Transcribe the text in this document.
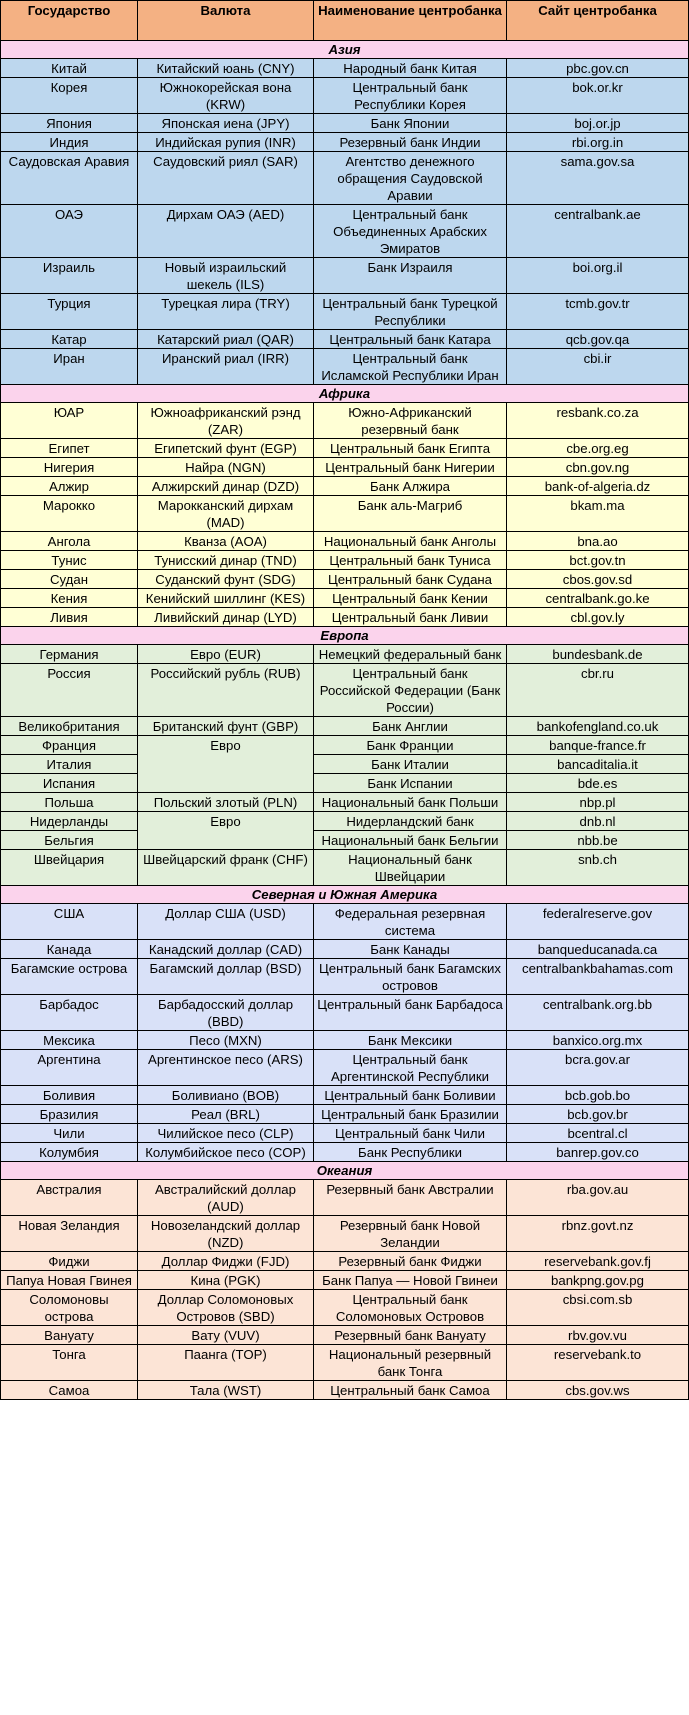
Государство	Валюта	Наименование центробанка	Сайт центробанка
Азия			
Китай	Китайский юань (CNY)	Народный банк Китая	pbc.gov.cn
Корея	Южнокорейская вона (KRW)	Центральный банк Республики Корея	bok.or.kr
Япония	Японская иена (JPY)	Банк Японии	boj.or.jp
Индия	Индийская рупия (INR)	Резервный банк Индии	rbi.org.in
Саудовская Аравия	Саудовский риял (SAR)	Агентство денежного обращения Саудовской Аравии	sama.gov.sa
ОАЭ	Дирхам ОАЭ (AED)	Центральный банк Объединенных Арабских Эмиратов	centralbank.ae
Израиль	Новый израильский шекель (ILS)	Банк Израиля	boi.org.il
Турция	Турецкая лира (TRY)	Центральный банк Турецкой Республики	tcmb.gov.tr
Катар	Катарский риал (QAR)	Центральный банк Катара	qcb.gov.qa
Иран	Иранский риал (IRR)	Центральный банк Исламской Республики Иран	cbi.ir
Африка			
ЮАР	Южноафриканский рэнд (ZAR)	Южно-Африканский резервный банк	resbank.co.za
Египет	Египетский фунт (EGP)	Центральный банк Египта	cbe.org.eg
Нигерия	Найра (NGN)	Центральный банк Нигерии	cbn.gov.ng
Алжир	Алжирский динар (DZD)	Банк Алжира	bank-of-algeria.dz
Марокко	Марокканский дирхам (MAD)	Банк аль-Магриб	bkam.ma
Ангола	Кванза (AOA)	Национальный банк Анголы	bna.ao
Тунис	Тунисский динар (TND)	Центральный банк Туниса	bct.gov.tn
Судан	Суданский фунт (SDG)	Центральный банк Судана	cbos.gov.sd
Кения	Кенийский шиллинг (KES)	Центральный банк Кении	centralbank.go.ke
Ливия	Ливийский динар (LYD)	Центральный банк Ливии	cbl.gov.ly
Европа			
Германия	Евро (EUR)	Немецкий федеральный банк	bundesbank.de
Россия	Российский рубль (RUB)	Центральный банк Российской Федерации (Банк России)	cbr.ru
Великобритания	Британский фунт (GBP)	Банк Англии	bankofengland.co.uk
Франция	Евро	Банк Франции	banque-france.fr
Италия		Банк Италии	bancaditalia.it
Испания		Банк Испании	bde.es
Польша	Польский злотый (PLN)	Национальный банк Польши	nbp.pl
Нидерланды	Евро	Нидерландский банк	dnb.nl
Бельгия		Национальный банк Бельгии	nbb.be
Швейцария	Швейцарский франк (CHF)	Национальный банк Швейцарии	snb.ch
Северная и Южная Америка			
США	Доллар США (USD)	Федеральная резервная система	federalreserve.gov
Канада	Канадский доллар (CAD)	Банк Канады	banqueducanada.ca
Багамские острова	Багамский доллар (BSD)	Центральный банк Багамских островов	centralbankbahamas.com
Барбадос	Барбадосский доллар (BBD)	Центральный банк Барбадоса	centralbank.org.bb
Мексика	Песо (MXN)	Банк Мексики	banxico.org.mx
Аргентина	Аргентинское песо (ARS)	Центральный банк Аргентинской Республики	bcra.gov.ar
Боливия	Боливиано (BOB)	Центральный банк Боливии	bcb.gob.bo
Бразилия	Реал (BRL)	Центральный банк Бразилии	bcb.gov.br
Чили	Чилийское песо (CLP)	Центральный банк Чили	bcentral.cl
Колумбия	Колумбийское песо (COP)	Банк Республики	banrep.gov.co
Океания			
Австралия	Австралийский доллар (AUD)	Резервный банк Австралии	rba.gov.au
Новая Зеландия	Новозеландский доллар (NZD)	Резервный банк Новой Зеландии	rbnz.govt.nz
Фиджи	Доллар Фиджи (FJD)	Резервный банк Фиджи	reservebank.gov.fj
Папуа Новая Гвинея	Кина (PGK)	Банк Папуа — Новой Гвинеи	bankpng.gov.pg
Соломоновы острова	Доллар Соломоновых Островов (SBD)	Центральный банк Соломоновых Островов	cbsi.com.sb
Вануату	Вату (VUV)	Резервный банк Вануату	rbv.gov.vu
Тонга	Паанга (TOP)	Национальный резервный банк Тонга	reservebank.to
Самоа	Тала (WST)	Центральный банк Самоа	cbs.gov.ws
